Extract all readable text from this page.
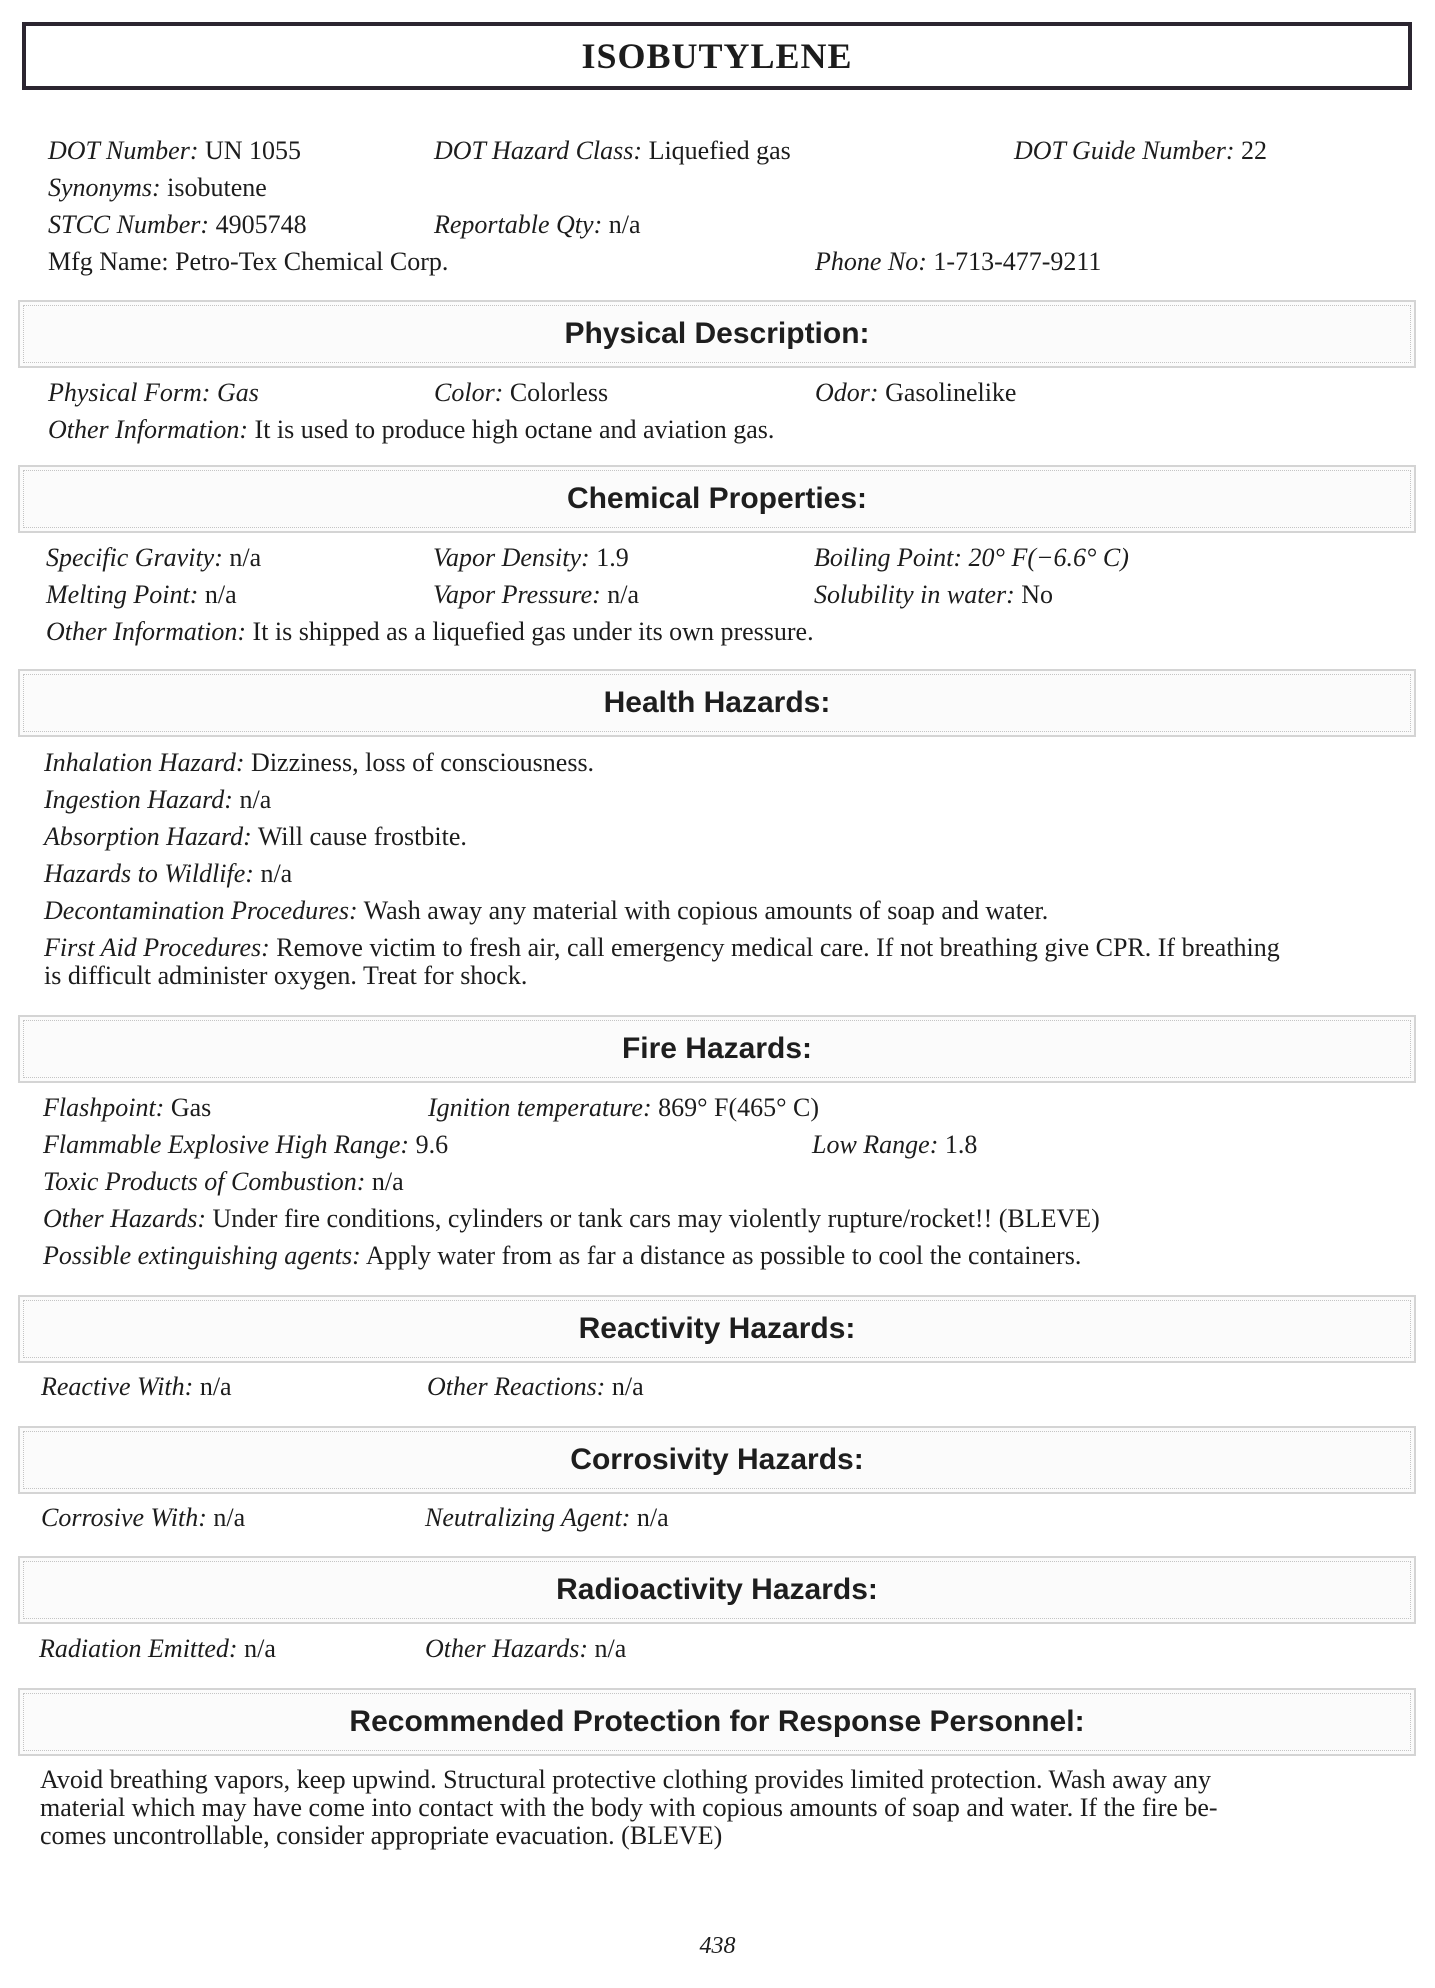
ISOBUTYLENE
DOT Number: UN 1055	DOT Hazard Class: Liquefied gas	DOT Guide Number: 22
Synonyms: isobutene
STCC Number: 4905748	Reportable Qty: n/a
Mfg Name: Petro-Tex Chemical Corp.	Phone No: 1-713-477-9211
Physical Description:
Physical Form: Gas	Color: Colorless	Odor: Gasolinelike
Other Information: It is used to produce high octane and aviation gas.
Chemical Properties:
Specific Gravity: n/a	Vapor Density: 1.9	Boiling Point: 20° F(−6.6° C)
Melting Point: n/a	Vapor Pressure: n/a	Solubility in water: No
Other Information: It is shipped as a liquefied gas under its own pressure.
Health Hazards:
Inhalation Hazard: Dizziness, loss of consciousness.
Ingestion Hazard: n/a
Absorption Hazard: Will cause frostbite.
Hazards to Wildlife: n/a
Decontamination Procedures: Wash away any material with copious amounts of soap and water.
First Aid Procedures: Remove victim to fresh air, call emergency medical care. If not breathing give CPR. If breathing
is difficult administer oxygen. Treat for shock.
Fire Hazards:
Flashpoint: Gas	Ignition temperature: 869° F(465° C)
Flammable Explosive High Range: 9.6	Low Range: 1.8
Toxic Products of Combustion: n/a
Other Hazards: Under fire conditions, cylinders or tank cars may violently rupture/rocket!! (BLEVE)
Possible extinguishing agents: Apply water from as far a distance as possible to cool the containers.
Reactivity Hazards:
Reactive With: n/a	Other Reactions: n/a
Corrosivity Hazards:
Corrosive With: n/a	Neutralizing Agent: n/a
Radioactivity Hazards:
Radiation Emitted: n/a	Other Hazards: n/a
Recommended Protection for Response Personnel:
Avoid breathing vapors, keep upwind. Structural protective clothing provides limited protection. Wash away any
material which may have come into contact with the body with copious amounts of soap and water. If the fire be-
comes uncontrollable, consider appropriate evacuation. (BLEVE)
438
